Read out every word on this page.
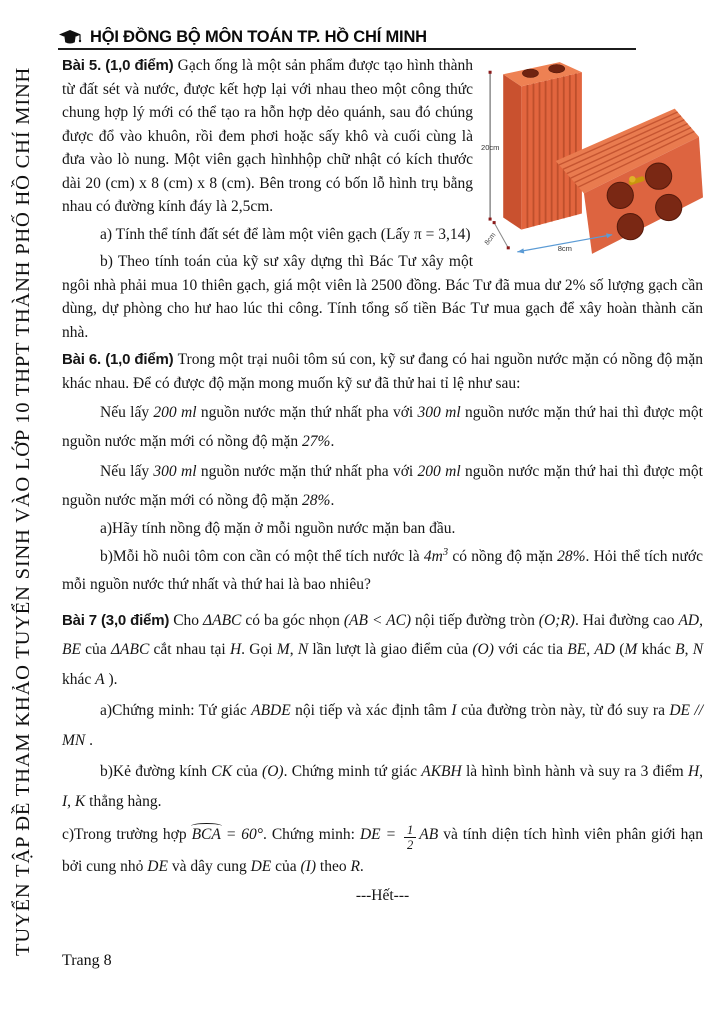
TUYỂN TẬP ĐỀ THAM KHẢO TUYỂN SINH VÀO LỚP 10 THPT THÀNH PHỐ HỒ CHÍ MINH
HỘI ĐỒNG BỘ MÔN TOÁN TP. HỒ CHÍ MINH
20cm
8cm
8cm

Bài 5. (1,0 điểm) Gạch ống là một sản phẩm được tạo hình thành từ đất sét và nước, được kết hợp lại với nhau theo một công thức chung hợp lý mới có thể tạo ra hỗn hợp dẻo quánh, sau đó chúng được đổ vào khuôn, rồi đem phơi hoặc sấy khô và cuối cùng là đưa vào lò nung. Một viên gạch hìnhhộp chữ nhật có kích thước dài 20 (cm) x 8 (cm) x 8 (cm). Bên trong có bốn lỗ hình trụ bằng nhau có đường kính đáy là 2,5cm.

a) Tính thể tính đất sét để làm một viên gạch (Lấy π = 3,14)

b) Theo tính toán của kỹ sư xây dựng thì Bác Tư xây một ngôi nhà phải mua 10 thiên gạch, giá một viên là 2500 đồng. Bác Tư đã mua dư 2% số lượng gạch cần dùng, dự phòng cho hư hao lúc thi công. Tính tổng số tiền Bác Tư mua gạch để xây hoàn thành căn nhà.

Bài 6. (1,0 điểm) Trong một trại nuôi tôm sú con, kỹ sư đang có hai nguồn nước mặn có nồng độ mặn khác nhau. Để có được độ mặn mong muốn kỹ sư đã thử hai tỉ lệ như sau:

Nếu lấy 200 ml nguồn nước mặn thứ nhất pha với 300 ml nguồn nước mặn thứ hai thì được một nguồn nước mặn mới có nồng độ mặn 27%.

Nếu lấy 300 ml nguồn nước mặn thứ nhất pha với 200 ml nguồn nước mặn thứ hai thì được một nguồn nước mặn mới có nồng độ mặn 28%.

a)Hãy tính nồng độ mặn ở mỗi nguồn nước mặn ban đầu.

b)Mỗi hồ nuôi tôm con cần có một thể tích nước là $4m^3$ có nồng độ mặn 28%. Hỏi thể tích nước mỗi nguồn nước thứ nhất và thứ hai là bao nhiêu?

Bài 7 (3,0 điểm) Cho ΔABC có ba góc nhọn (AB < AC) nội tiếp đường tròn (O;R). Hai đường cao AD, BE của ΔABC cắt nhau tại H. Gọi M, N lần lượt là giao điểm của (O) với các tia BE, AD (M khác B, N khác A ).

a)Chứng minh: Tứ giác ABDE nội tiếp và xác định tâm I của đường tròn này, từ đó suy ra DE // MN .

b)Kẻ đường kính CK của (O). Chứng minh tứ giác AKBH là hình bình hành và suy ra 3 điểm H, I, K thẳng hàng.

c)Trong trường hợp BCA = 60°. Chứng minh: DE = $\frac{1}{2}$ AB và tính diện tích hình viên phân giới hạn bởi cung nhỏ DE và dây cung DE của (I) theo R.

---Hết---

Trang 8
